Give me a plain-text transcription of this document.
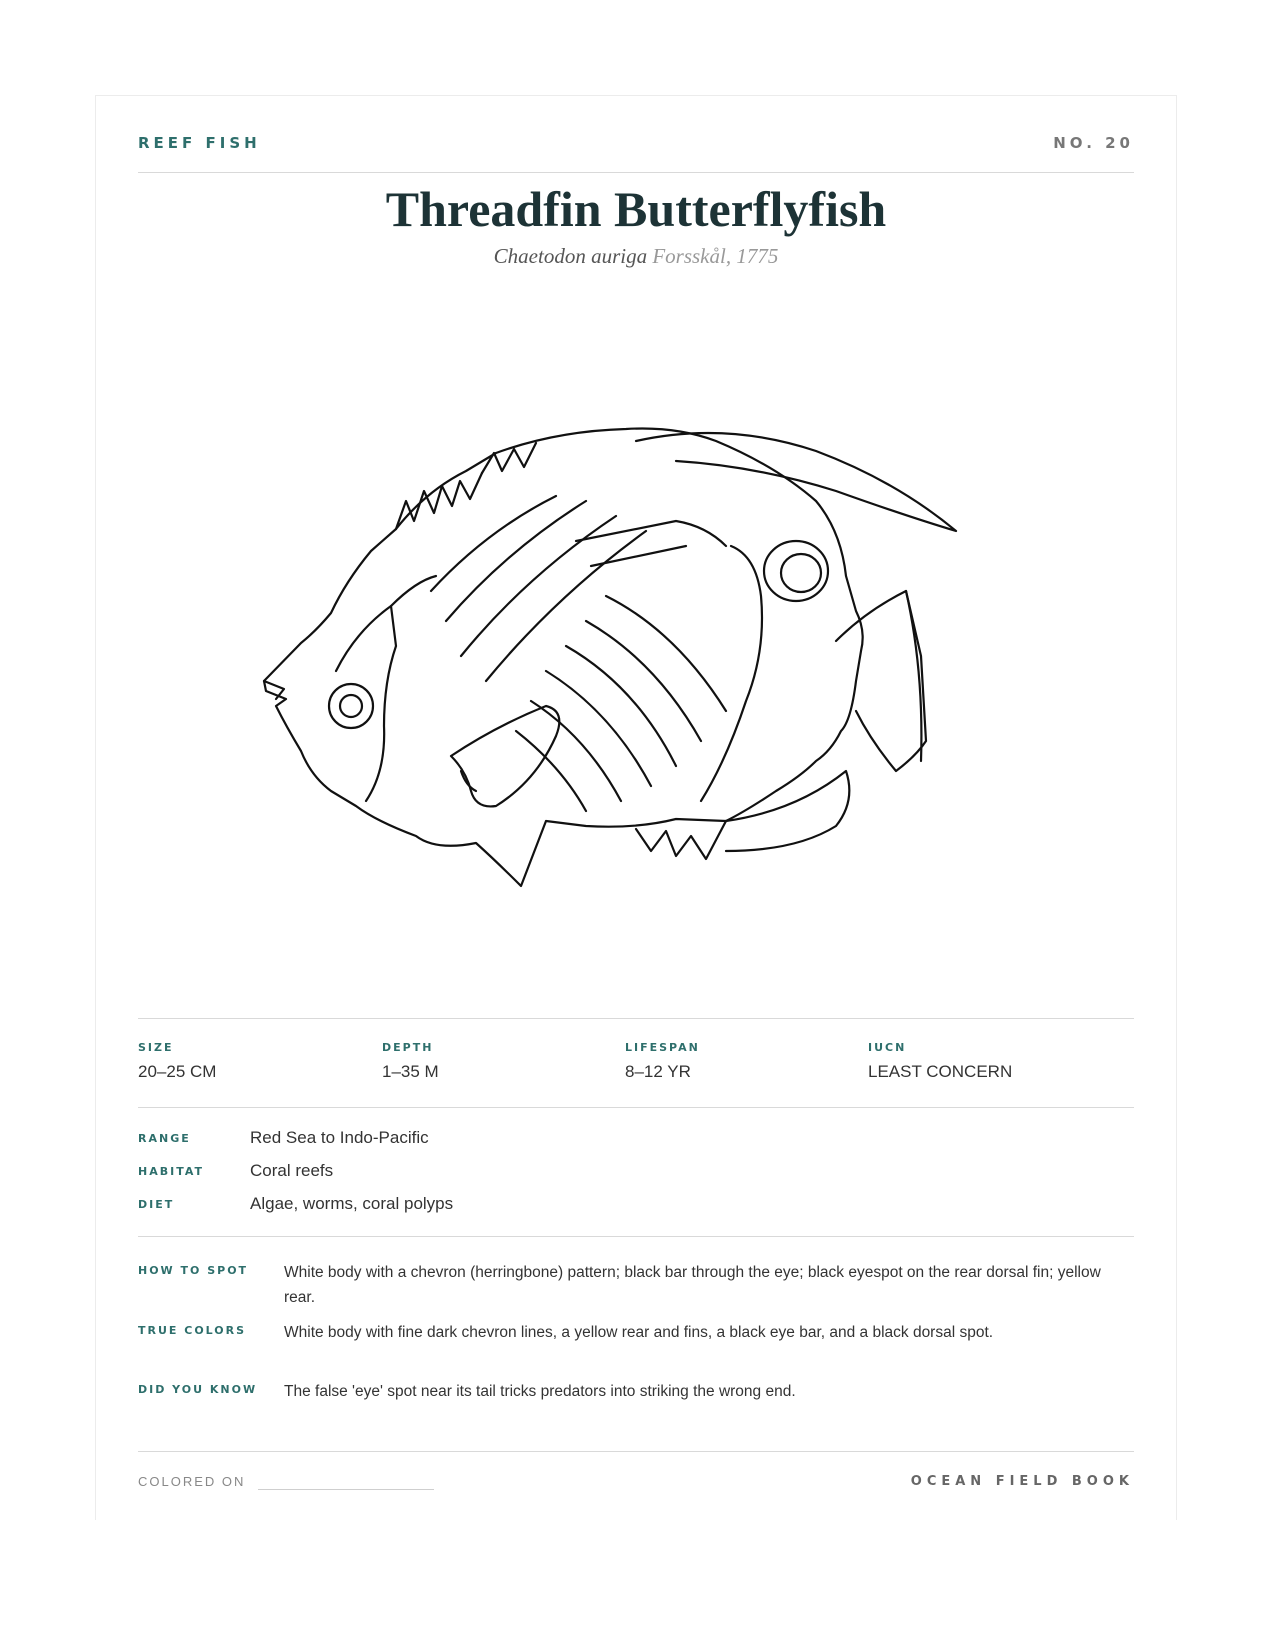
REEF FISH	NO. 20
Threadfin Butterflyfish
Chaetodon auriga Forsskål, 1775
SIZE
20–25 CM
DEPTH
1–35 M
LIFESPAN
8–12 YR
IUCN
LEAST CONCERN
RANGE	Red Sea to Indo-Pacific
HABITAT	Coral reefs
DIET	Algae, worms, coral polyps
HOW TO SPOT White body with a chevron (herringbone) pattern; black bar through the eye; black eyespot on the rear dorsal fin; yellow rear.
TRUE COLORS White body with fine dark chevron lines, a yellow rear and fins, a black eye bar, and a black dorsal spot.
DID YOU KNOW The false 'eye' spot near its tail tricks predators into striking the wrong end.
COLORED ON	OCEAN FIELD BOOK
